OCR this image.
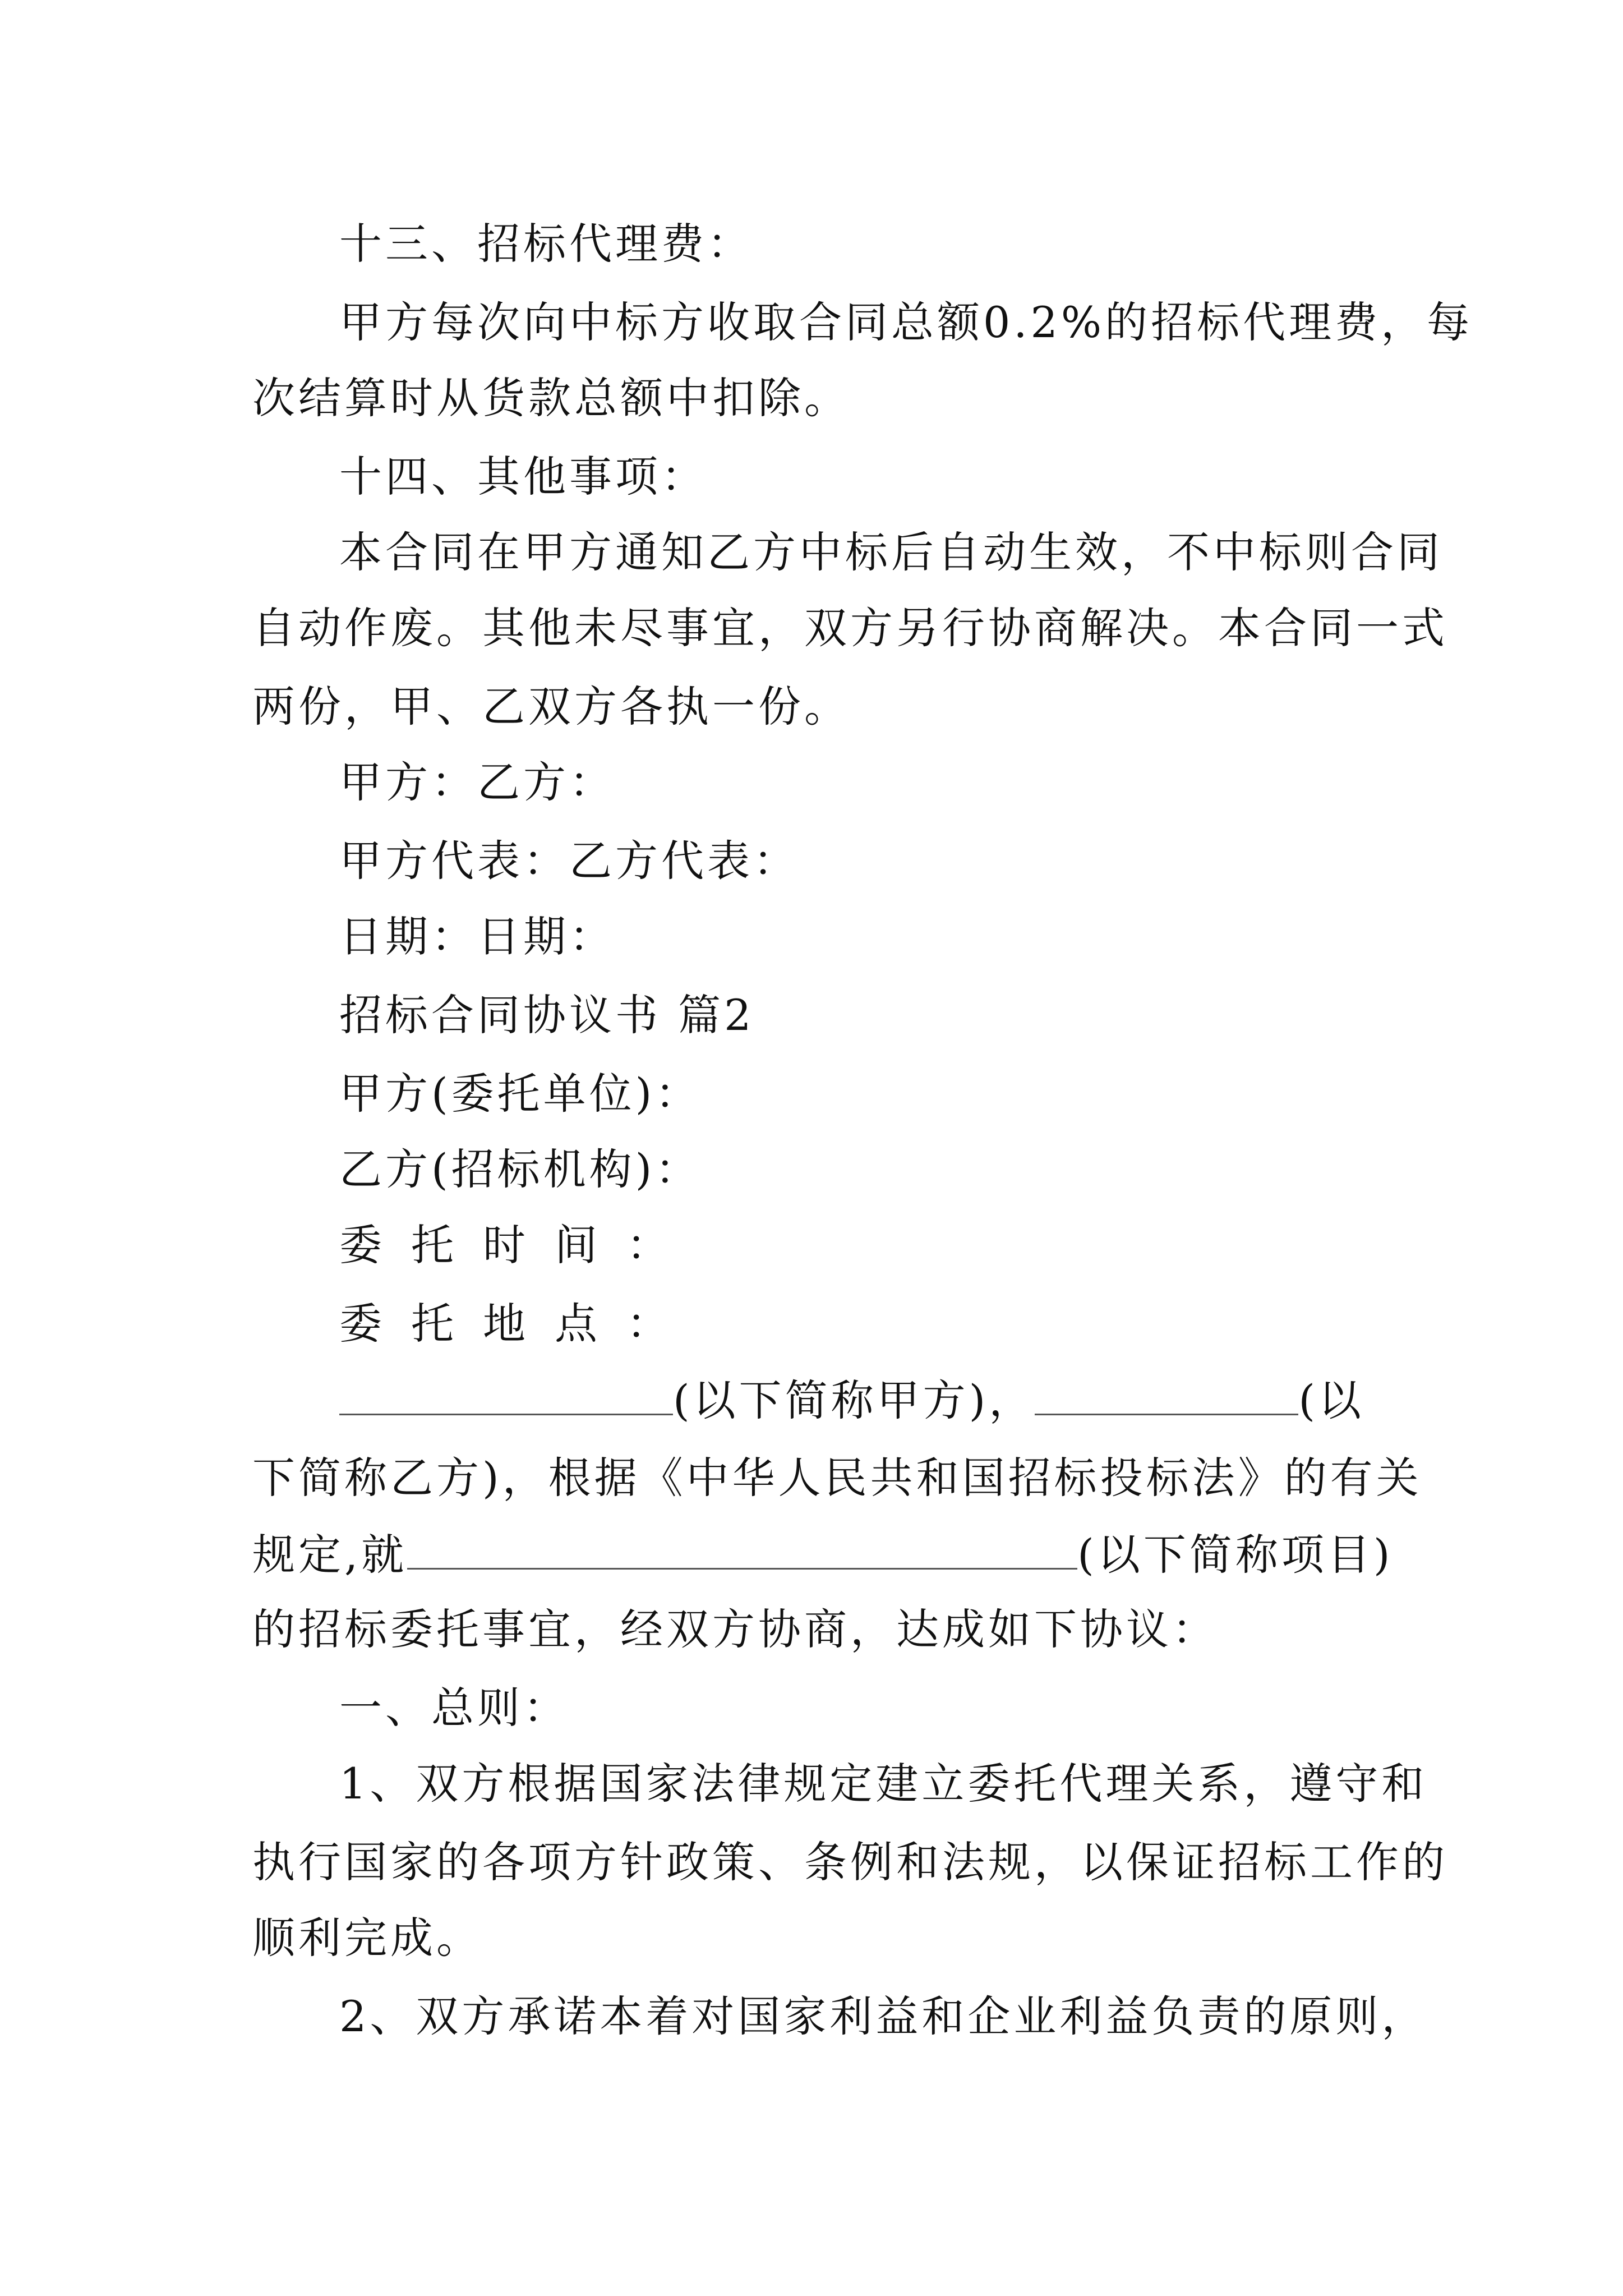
十三、招标代理费：
甲方每次向中标方收取合同总额0.2%的招标代理费，每
次结算时从货款总额中扣除。
十四、其他事项：
本合同在甲方通知乙方中标后自动生效，不中标则合同
自动作废。其他未尽事宜，双方另行协商解决。本合同一式
两份，甲、乙双方各执一份。
甲方：乙方：
甲方代表：乙方代表：
日期：日期：
招标合同协议书 篇2
甲方(委托单位)：
乙方(招标机构)：
委托时间：
委托地点：
(以下简称甲方)，	(以
下简称乙方)，根据《中华人民共和国招标投标法》的有关
规定,就	(以下简称项目)
的招标委托事宜，经双方协商，达成如下协议：
一、总则：
1、双方根据国家法律规定建立委托代理关系，遵守和
执行国家的各项方针政策、条例和法规，以保证招标工作的
顺利完成。
2、双方承诺本着对国家利益和企业利益负责的原则，
